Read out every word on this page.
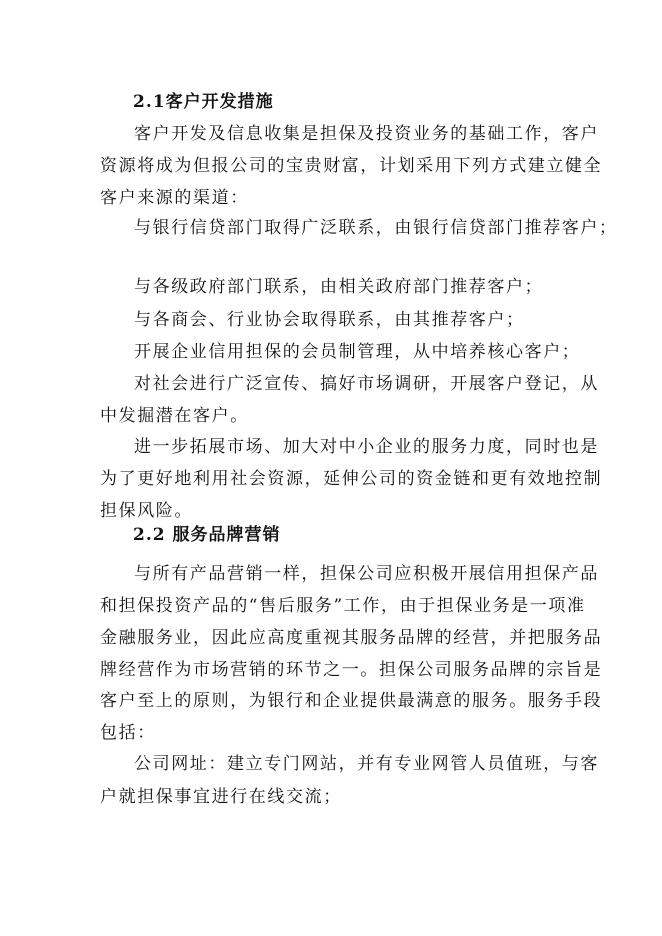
2.1客户开发措施

客户开发及信息收集是担保及投资业务的基础工作，客户

资源将成为但报公司的宝贵财富，计划采用下列方式建立健全

客户来源的渠道：

与银行信贷部门取得广泛联系，由银行信贷部门推荐客户；

与各级政府部门联系，由相关政府部门推荐客户；

与各商会、行业协会取得联系，由其推荐客户；

开展企业信用担保的会员制管理，从中培养核心客户；

对社会进行广泛宣传、搞好市场调研，开展客户登记，从

中发掘潜在客户。

进一步拓展市场、加大对中小企业的服务力度，同时也是

为了更好地利用社会资源，延伸公司的资金链和更有效地控制

担保风险。

2.2 服务品牌营销

与所有产品营销一样，担保公司应积极开展信用担保产品

和担保投资产品的“售后服务”工作，由于担保业务是一项准

金融服务业，因此应高度重视其服务品牌的经营，并把服务品

牌经营作为市场营销的环节之一。担保公司服务品牌的宗旨是

客户至上的原则，为银行和企业提供最满意的服务。服务手段

包括：

公司网址：建立专门网站，并有专业网管人员值班，与客

户就担保事宜进行在线交流；
